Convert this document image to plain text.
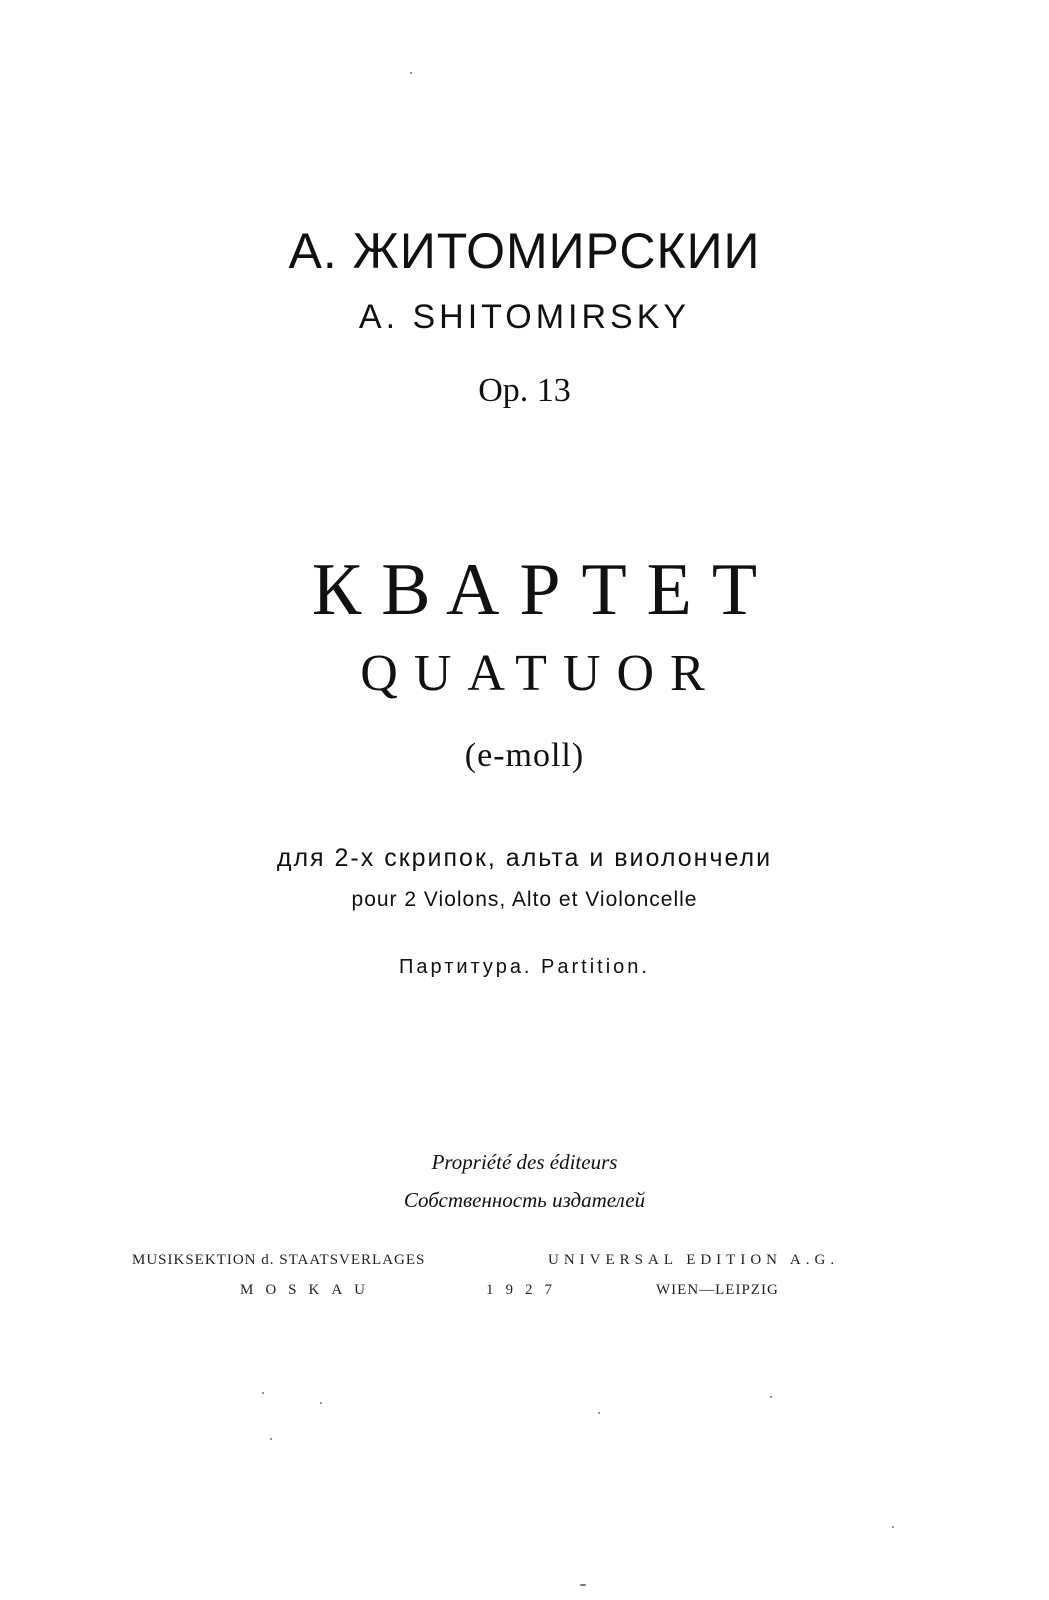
А. ЖИТОМИРСКИИ
A. SHITOMIRSKY
Op. 13
КВАРТЕТ
QUATUOR
(e-moll)
для 2-х скрипок, альта и виолончели
pour 2 Violons, Alto et Violoncelle
Партитура. Partition.
Propriété des éditeurs
Собственность издателей
MUSIKSEKTION d. STAATSVERLAGES	UNIVERSAL EDITION A.G.
MOSKAU	1927	WIEN—LEIPZIG
